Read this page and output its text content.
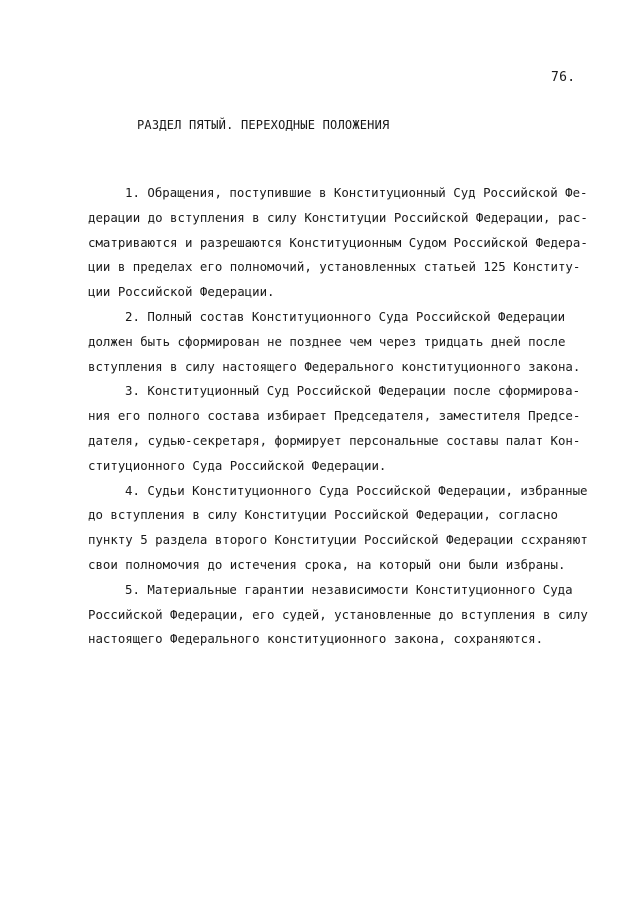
76.
РАЗДЕЛ ПЯТЫЙ. ПЕРЕХОДНЫЕ ПОЛОЖЕНИЯ
1. Обращения, поступившие в Конституционный Суд Российской Фе-
дерации до вступления в силу Конституции Российской Федерации, рас-
сматриваются и разрешаются Конституционным Судом Российской Федера-
ции в пределах его полномочий, установленных статьей 125 Конститу-
ции Российской Федерации.
2. Полный состав Конституционного Суда Российской Федерации
должен быть сформирован не позднее чем через тридцать дней после
вступления в силу настоящего Федерального конституционного закона.
3. Конституционный Суд Российской Федерации после сформирова-
ния его полного состава избирает Председателя, заместителя Предсе-
дателя, судью-секретаря, формирует персональные составы палат Кон-
ституционного Суда Российской Федерации.
4. Судьи Конституционного Суда Российской Федерации, избранные
до вступления в силу Конституции Российской Федерации, согласно
пункту 5 раздела второго Конституции Российской Федерации ссхраняют
свои полномочия до истечения срока, на который они были избраны.
5. Материальные гарантии независимости Конституционного Суда
Российской Федерации, его судей, установленные до вступления в силу
настоящего Федерального конституционного закона, сохраняются.
